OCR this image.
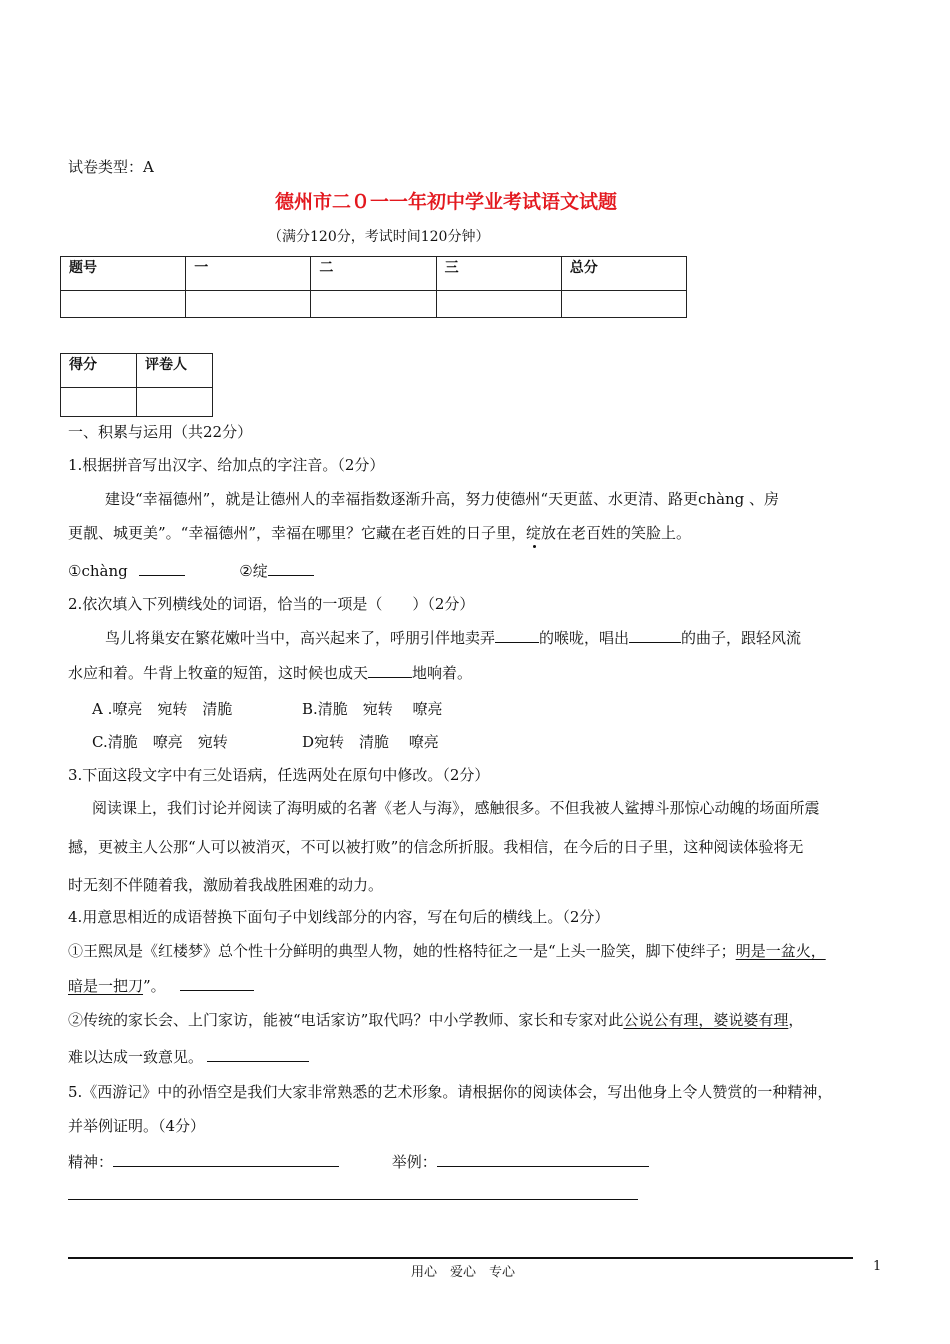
试卷类型：A
德州市二０一一年初中学业考试语文试题
（满分120分，考试时间120分钟）
题号	一	二	三	总分

得分	评卷人

一、积累与运用（共22分）
1.根据拼音写出汉字、给加点的字注音。（2分）
建设“幸福德州”，就是让德州人的幸福指数逐渐升高，努力使德州“天更蓝、水更清、路更chàng 、房
更靓、城更美”。“幸福德州”，幸福在哪里？它藏在老百姓的日子里，绽放在老百姓的笑脸上。
①chàng	②绽
2.依次填入下列横线处的词语，恰当的一项是（　　）（2分）
鸟儿将巢安在繁花嫩叶当中，高兴起来了，呼朋引伴地卖弄	的喉咙，唱出	的曲子，跟轻风流
水应和着。牛背上牧童的短笛，这时候也成天	地响着。
A .嘹亮　宛转　清脆	B.清脆　宛转　 嘹亮
C.清脆　嘹亮　宛转	D宛转　清脆　 嘹亮
3.下面这段文字中有三处语病，任选两处在原句中修改。（2分）
阅读课上，我们讨论并阅读了海明威的名著《老人与海》，感触很多。不但我被人鲨搏斗那惊心动魄的场面所震
撼，更被主人公那“人可以被消灭，不可以被打败”的信念所折服。我相信，在今后的日子里，这种阅读体验将无
时无刻不伴随着我，激励着我战胜困难的动力。
4.用意思相近的成语替换下面句子中划线部分的内容，写在句后的横线上。（2分）
①王熙凤是《红楼梦》总个性十分鲜明的典型人物，她的性格特征之一是“上头一脸笑，脚下使绊子；明是一盆火，
暗是一把刀”。
②传统的家长会、上门家访，能被“电话家访”取代吗？中小学教师、家长和专家对此公说公有理，婆说婆有理，
难以达成一致意见。
5.《西游记》中的孙悟空是我们大家非常熟悉的艺术形象。请根据你的阅读体会，写出他身上令人赞赏的一种精神，
并举例证明。（4分）
精神：	举例：
用心　爱心　专心	1
